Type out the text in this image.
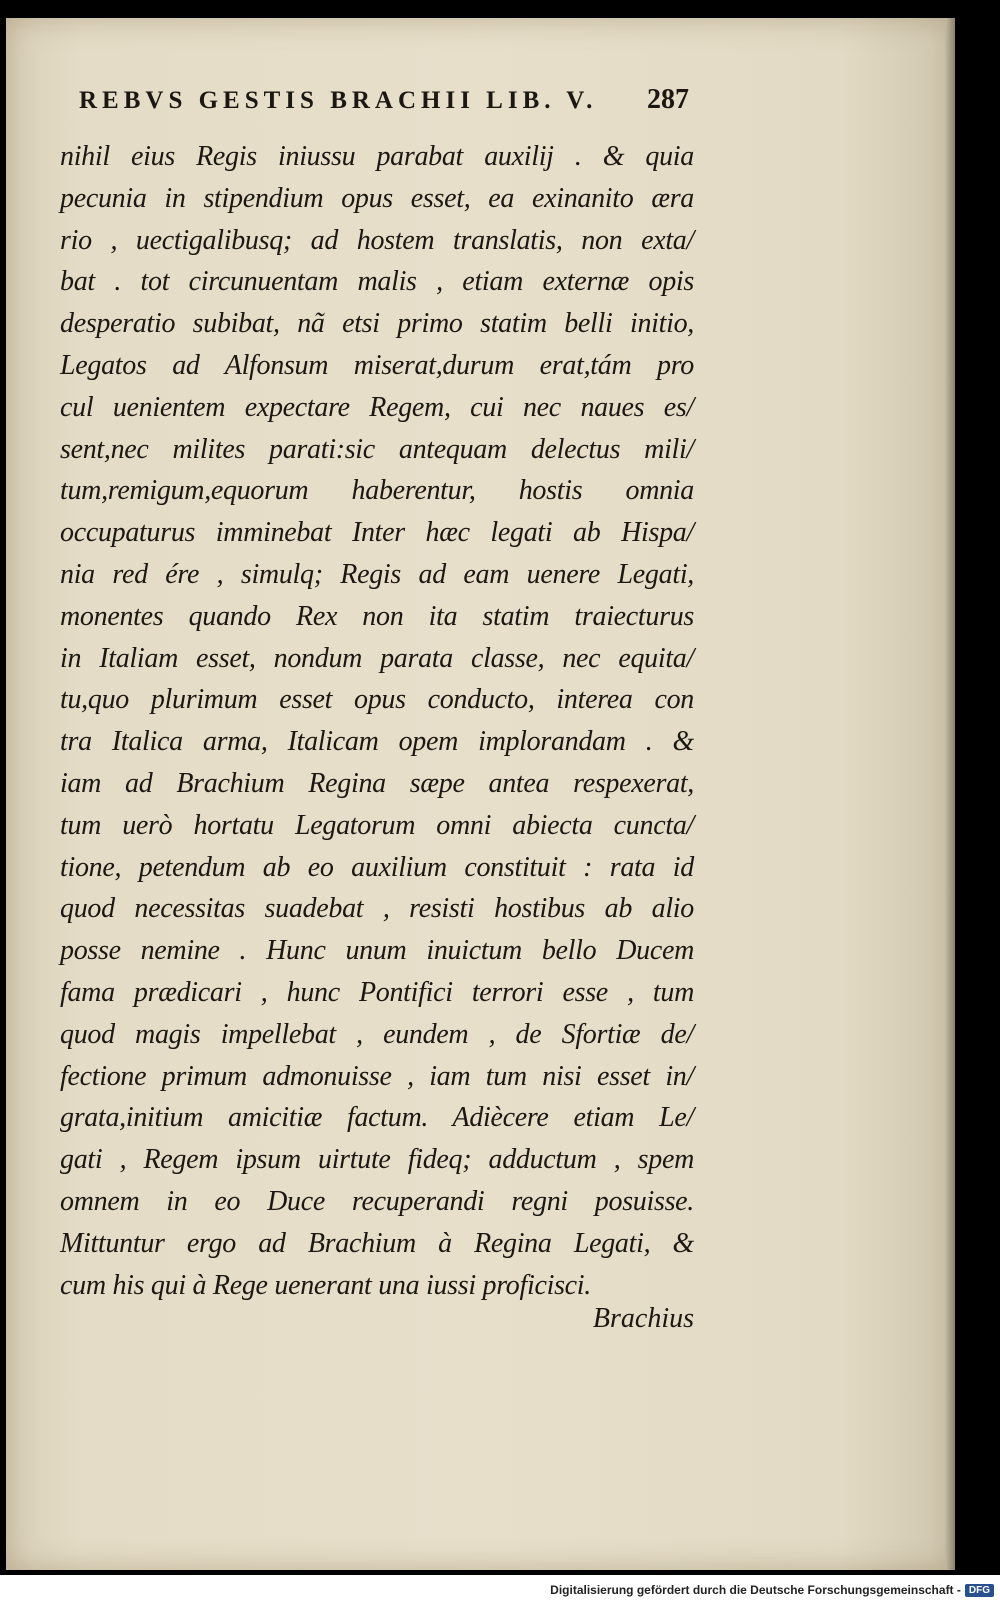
REBVS GESTIS BRACHII LIB. V. 287
nihil eius Regis iniussu parabat auxilij . & quia
pecunia in stipendium opus esset, ea exinanito æra
rio , uectigalibusq; ad hostem translatis, non exta/
bat . tot circunuentam malis , etiam externæ opis
desperatio subibat, nã etsi primo statim belli initio,
Legatos ad Alfonsum miserat,durum erat,tám pro
cul uenientem expectare Regem, cui nec naues es/
sent,nec milites parati:sic antequam delectus mili/
tum,remigum,equorum haberentur, hostis omnia
occupaturus imminebat Inter hæc legati ab Hispa/
nia red ére , simulq; Regis ad eam uenere Legati,
monentes quando Rex non ita statim traiecturus
in Italiam esset, nondum parata classe, nec equita/
tu,quo plurimum esset opus conducto, interea con
tra Italica arma, Italicam opem implorandam . &
iam ad Brachium Regina sæpe antea respexerat,
tum uerò hortatu Legatorum omni abiecta cuncta/
tione, petendum ab eo auxilium constituit : rata id
quod necessitas suadebat , resisti hostibus ab alio
posse nemine . Hunc unum inuictum bello Ducem
fama prædicari , hunc Pontifici terrori esse , tum
quod magis impellebat , eundem , de Sfortiæ de/
fectione primum admonuisse , iam tum nisi esset in/
grata,initium amicitiæ factum. Adiècere etiam Le/
gati , Regem ipsum uirtute fideq; adductum , spem
omnem in eo Duce recuperandi regni posuisse.
Mittuntur ergo ad Brachium à Regina Legati, &
cum his qui à Rege uenerant una iussi proficisci.
Brachius
Digitalisierung gefördert durch die Deutsche Forschungsgemeinschaft - DFG
